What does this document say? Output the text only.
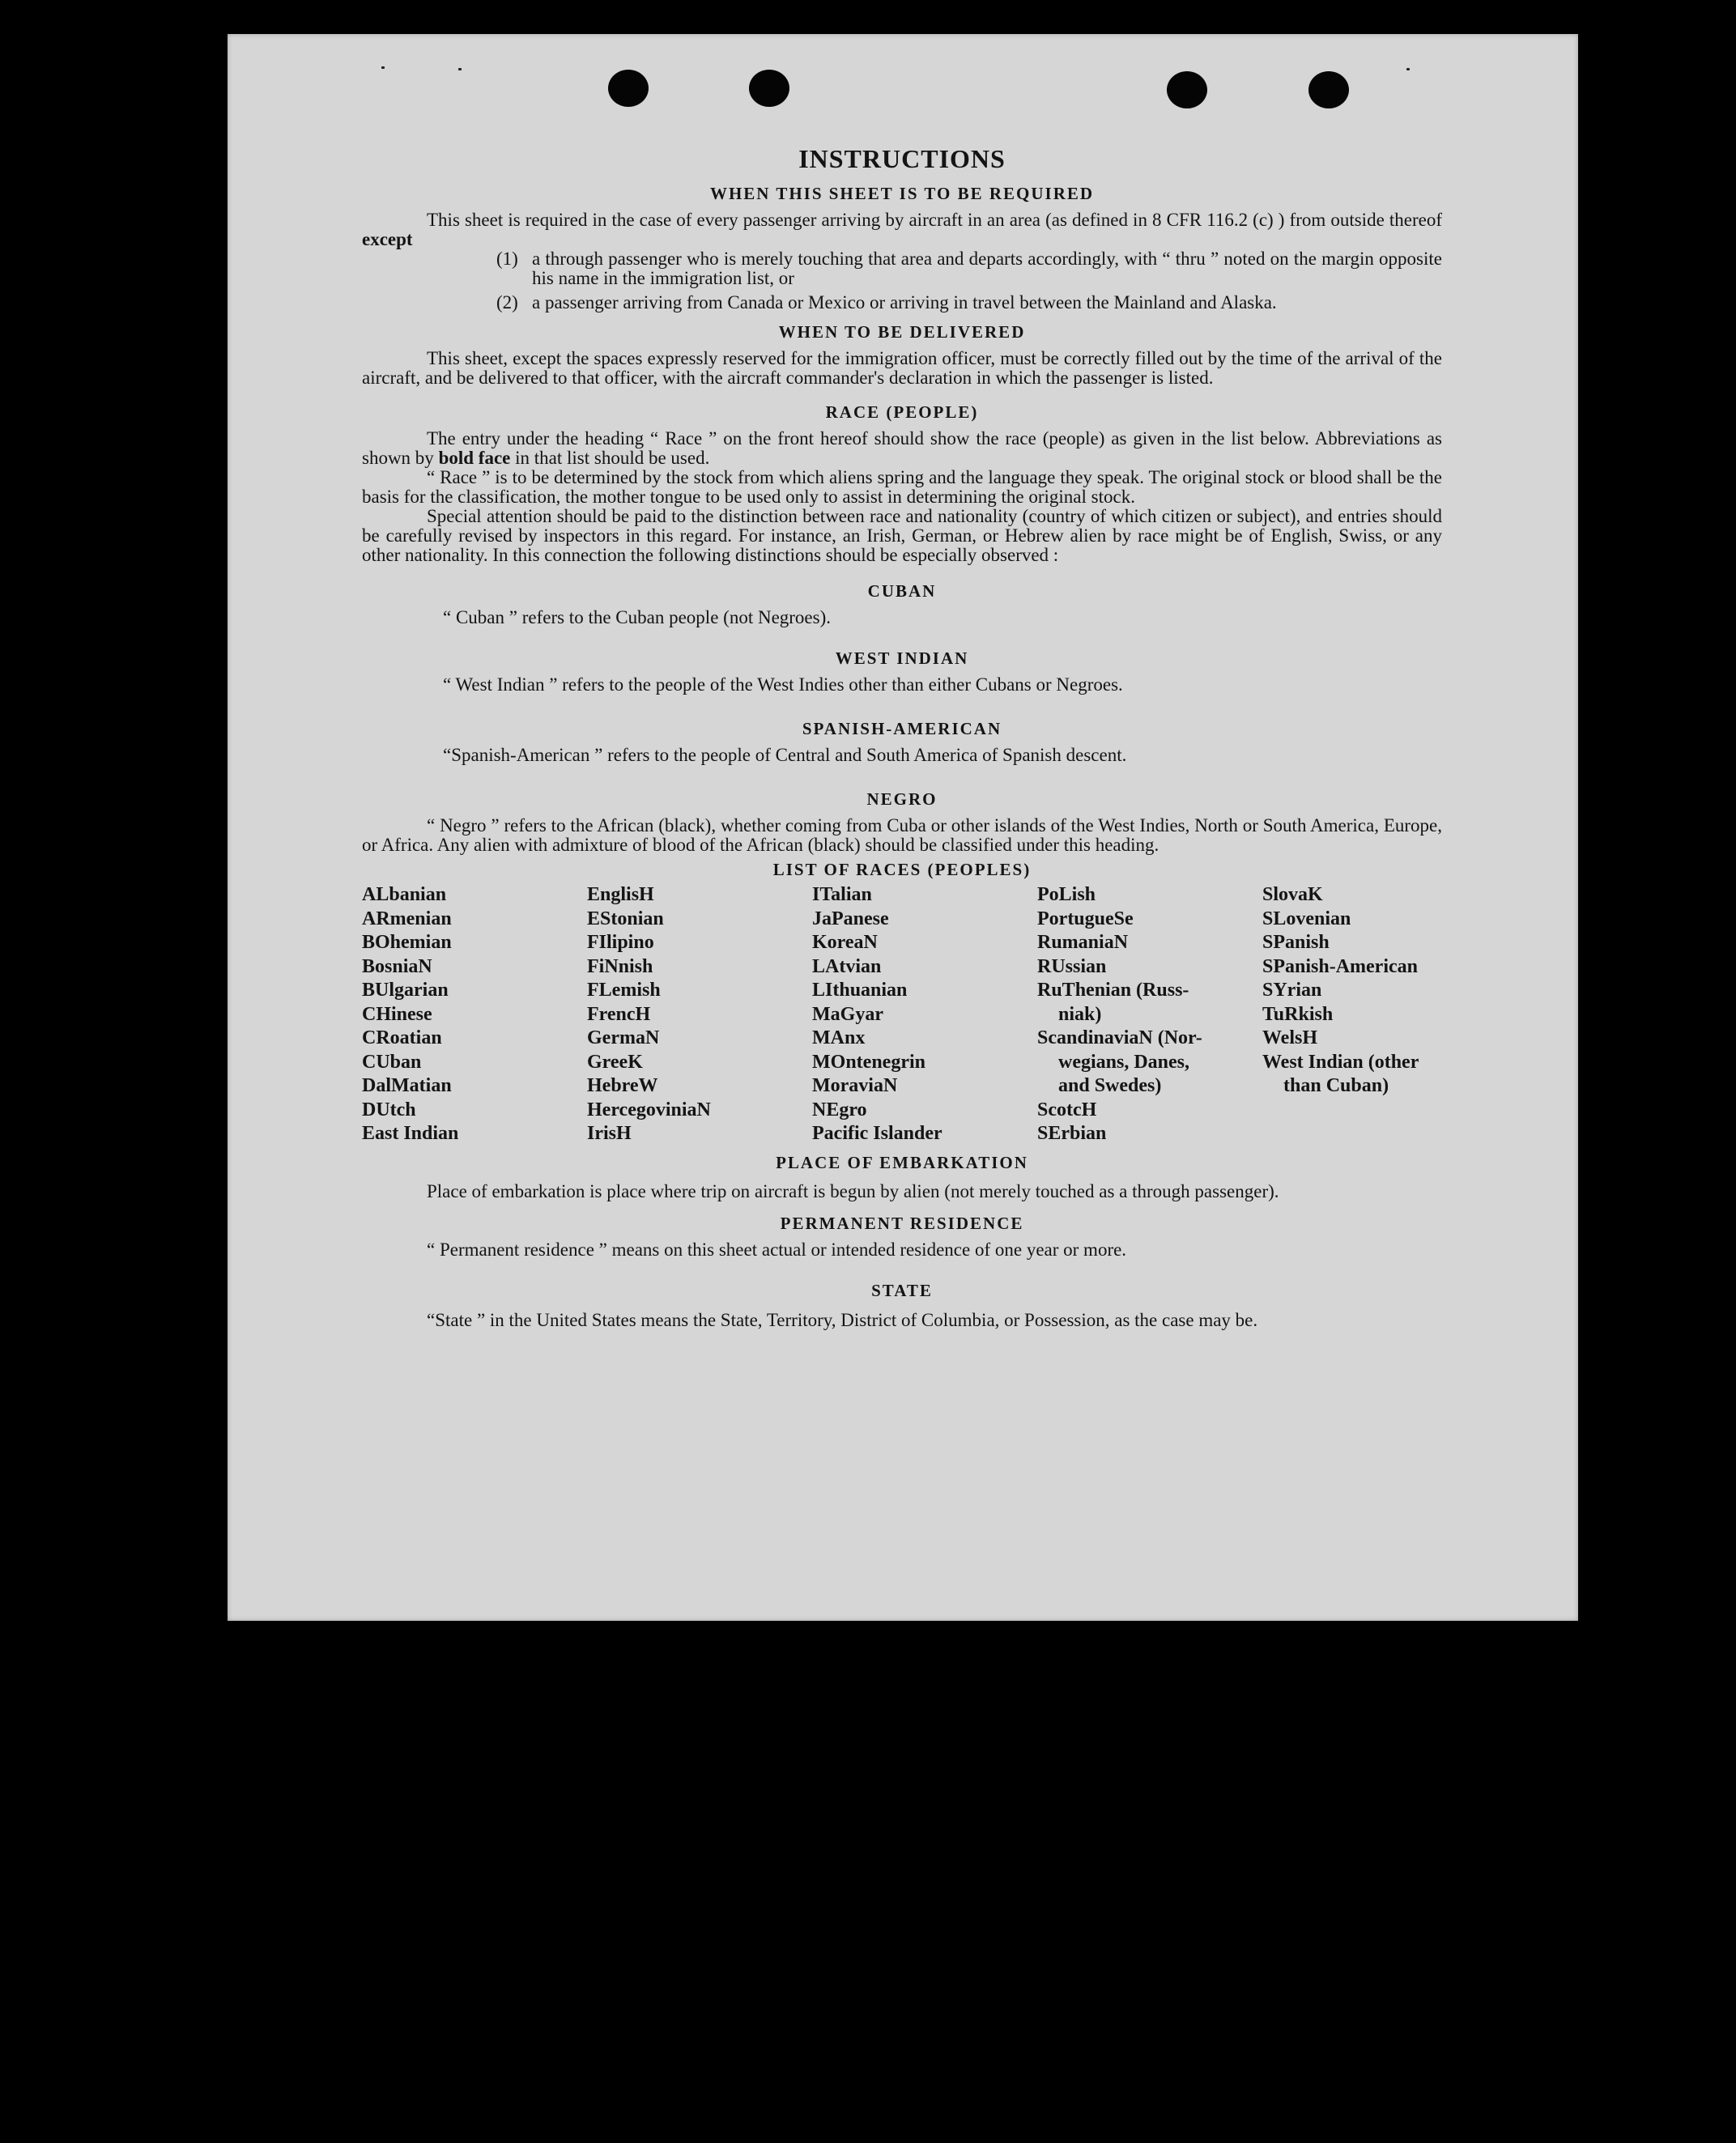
INSTRUCTIONS
WHEN THIS SHEET IS TO BE REQUIRED

This sheet is required in the case of every passenger arriving by aircraft in an area (as defined in 8 CFR 116.2 (c) ) from outside thereof except

(1) a through passenger who is merely touching that area and departs accordingly, with “ thru ” noted on the margin opposite his name in the immigration list, or
(2) a passenger arriving from Canada or Mexico or arriving in travel between the Mainland and Alaska.
WHEN TO BE DELIVERED

This sheet, except the spaces expressly reserved for the immigration officer, must be correctly filled out by the time of the arrival of the aircraft, and be delivered to that officer, with the aircraft commander's declaration in which the passenger is listed.

RACE (PEOPLE)

The entry under the heading “ Race ” on the front hereof should show the race (people) as given in the list below. Abbreviations as shown by bold face in that list should be used.

“ Race ” is to be determined by the stock from which aliens spring and the language they speak. The original stock or blood shall be the basis for the classification, the mother tongue to be used only to assist in determining the original stock.

Special attention should be paid to the distinction between race and nationality (country of which citizen or subject), and entries should be carefully revised by inspectors in this regard. For instance, an Irish, German, or Hebrew alien by race might be of English, Swiss, or any other nationality. In this connection the following distinctions should be especially observed :

CUBAN

“ Cuban ” refers to the Cuban people (not Negroes).

WEST INDIAN

“ West Indian ” refers to the people of the West Indies other than either Cubans or Negroes.

SPANISH-AMERICAN

“Spanish-American ” refers to the people of Central and South America of Spanish descent.

NEGRO

“ Negro ” refers to the African (black), whether coming from Cuba or other islands of the West Indies, North or South America, Europe, or Africa. Any alien with admixture of blood of the African (black) should be classified under this heading.

LIST OF RACES (PEOPLES)
ALbanian
ARmenian
BOhemian
BosniaN
BUlgarian
CHinese
CRoatian
CUban
DalMatian
DUtch
East Indian
EnglisH
EStonian
FIlipino
FiNnish
FLemish
FrencH
GermaN
GreeK
HebreW
HercegoviniaN
IrisH
ITalian
JaPanese
KoreaN
LAtvian
LIthuanian
MaGyar
MAnx
MOntenegrin
MoraviaN
NEgro
Pacific Islander
PoLish
PortugueSe
RumaniaN
RUssian
RuThenian (Russ-
niak)
ScandinaviaN (Nor-
wegians, Danes,
and Swedes)
ScotcH
SErbian
SlovaK
SLovenian
SPanish
SPanish-American
SYrian
TuRkish
WelsH
West Indian (other
than Cuban)
PLACE OF EMBARKATION

Place of embarkation is place where trip on aircraft is begun by alien (not merely touched as a through passenger).

PERMANENT RESIDENCE

“ Permanent residence ” means on this sheet actual or intended residence of one year or more.

STATE

“State ” in the United States means the State, Territory, District of Columbia, or Possession, as the case may be.
